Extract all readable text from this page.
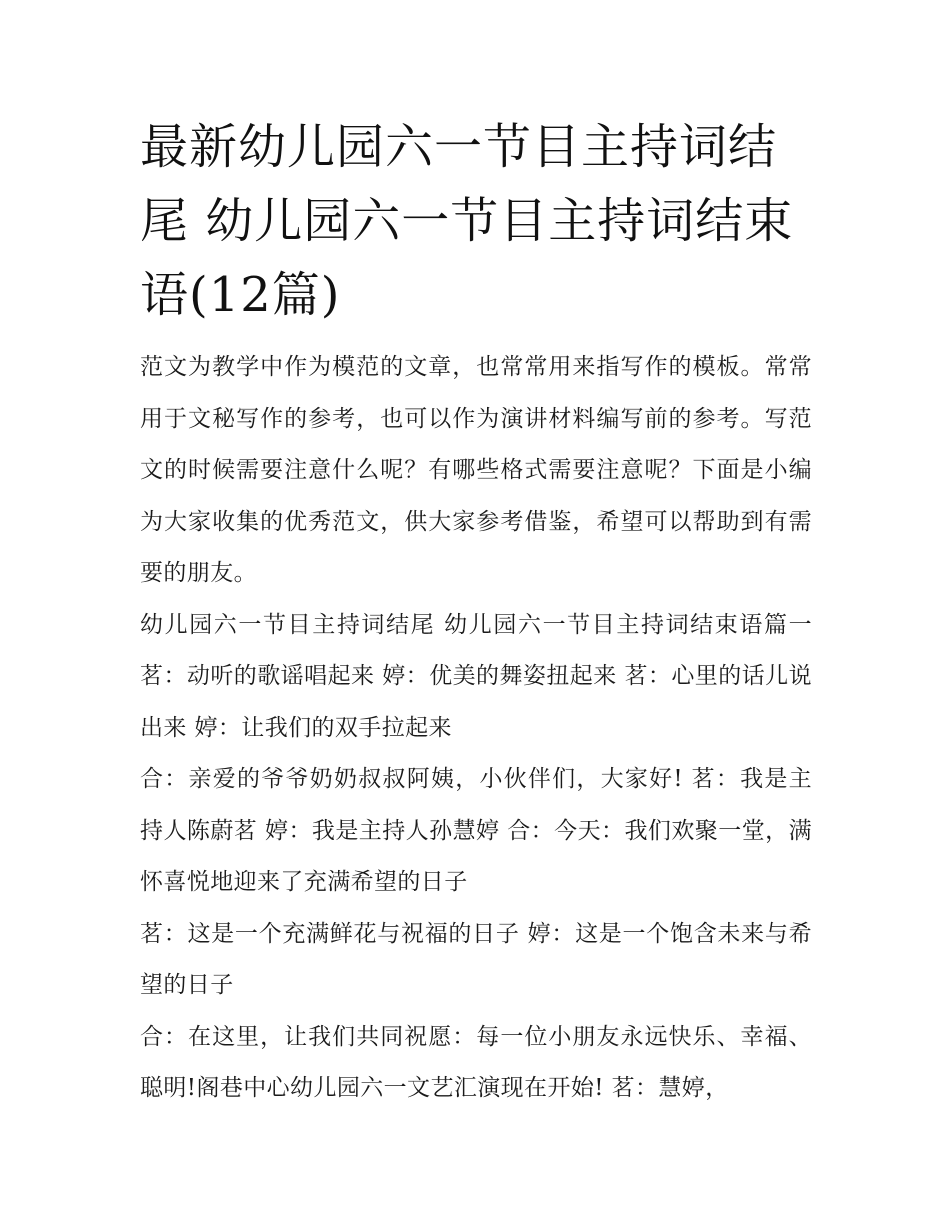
最新幼儿园六一节目主持词结尾 幼儿园六一节目主持词结束语(12篇)

范文为教学中作为模范的文章，也常常用来指写作的模板。常常用于文秘写作的参考，也可以作为演讲材料编写前的参考。写范文的时候需要注意什么呢？有哪些格式需要注意呢？下面是小编为大家收集的优秀范文，供大家参考借鉴，希望可以帮助到有需要的朋友。

幼儿园六一节目主持词结尾 幼儿园六一节目主持词结束语篇一 茗：动听的歌谣唱起来 婷：优美的舞姿扭起来 茗：心里的话儿说出来 婷：让我们的双手拉起来

合：亲爱的爷爷奶奶叔叔阿姨，小伙伴们，大家好! 茗：我是主持人陈蔚茗 婷：我是主持人孙慧婷 合：今天：我们欢聚一堂，满怀喜悦地迎来了充满希望的日子

茗：这是一个充满鲜花与祝福的日子 婷：这是一个饱含未来与希望的日子

合：在这里，让我们共同祝愿：每一位小朋友永远快乐、幸福、聪明!阁巷中心幼儿园六一文艺汇演现在开始! 茗：慧婷，
